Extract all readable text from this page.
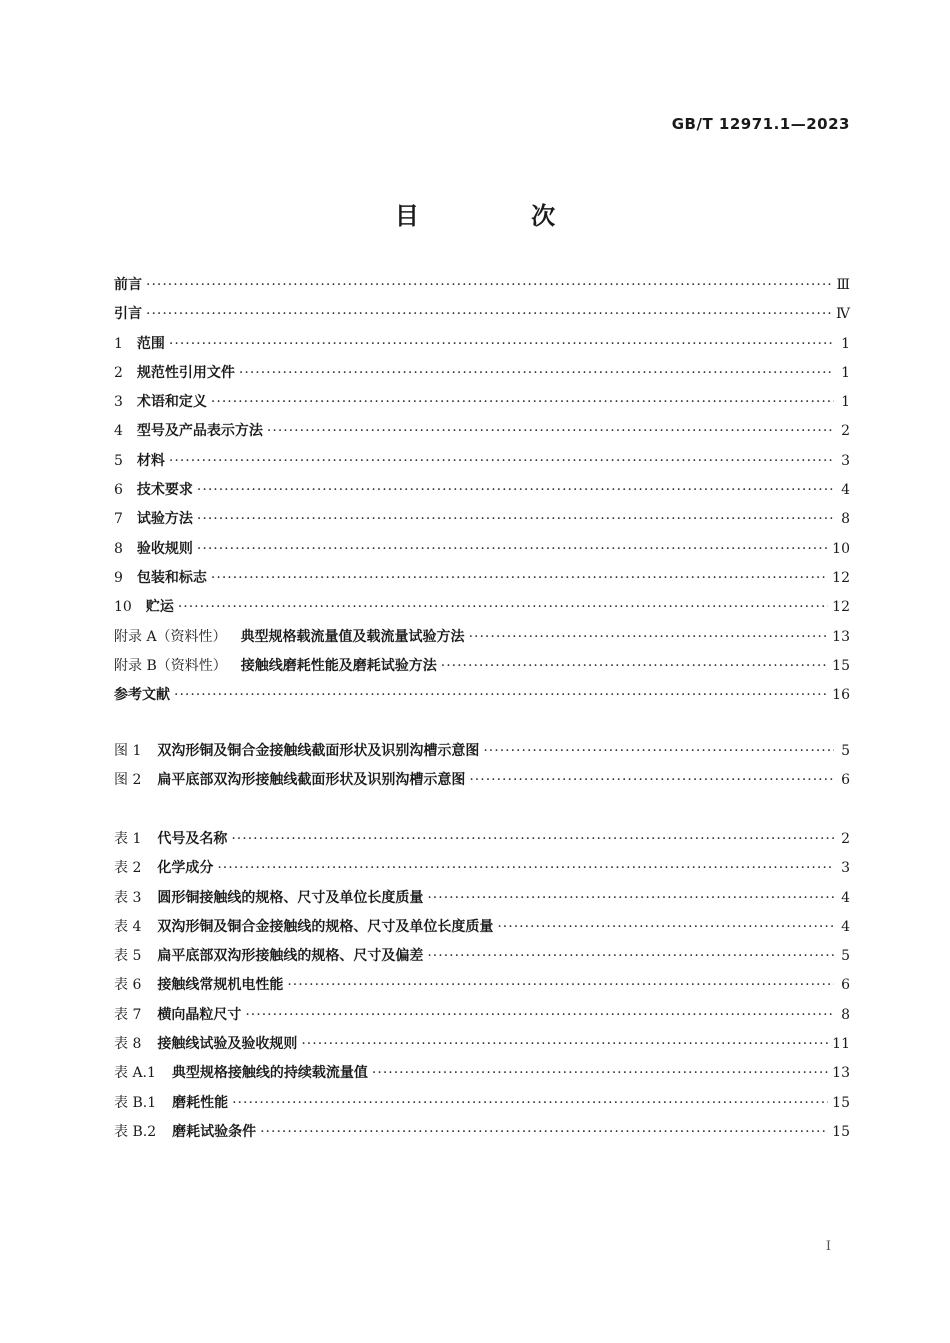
GB/T 12971.1—2023
目 次
前言 ·····	Ⅲ
引言 ·····	Ⅳ
1 范围 ·····	1
2 规范性引用文件 ·····	1
3 术语和定义 ·····	1
4 型号及产品表示方法 ·····	2
5 材料 ·····	3
6 技术要求 ·····	4
7 试验方法 ·····	8
8 验收规则 ·····	10
9 包装和标志 ·····	12
10 贮运 ·····	12
附录 A（资料性） 典型规格载流量值及载流量试验方法 ·····	13
附录 B（资料性） 接触线磨耗性能及磨耗试验方法 ·····	15
参考文献 ·····	16
图 1 双沟形铜及铜合金接触线截面形状及识别沟槽示意图 ·····	5
图 2 扁平底部双沟形接触线截面形状及识别沟槽示意图 ·····	6
表 1 代号及名称 ·····	2
表 2 化学成分 ·····	3
表 3 圆形铜接触线的规格、尺寸及单位长度质量 ·····	4
表 4 双沟形铜及铜合金接触线的规格、尺寸及单位长度质量 ·····	4
表 5 扁平底部双沟形接触线的规格、尺寸及偏差 ·····	5
表 6 接触线常规机电性能 ·····	6
表 7 横向晶粒尺寸 ·····	8
表 8 接触线试验及验收规则 ·····	11
表 A.1 典型规格接触线的持续载流量值 ·····	13
表 B.1 磨耗性能 ·····	15
表 B.2 磨耗试验条件 ·····	15
I
